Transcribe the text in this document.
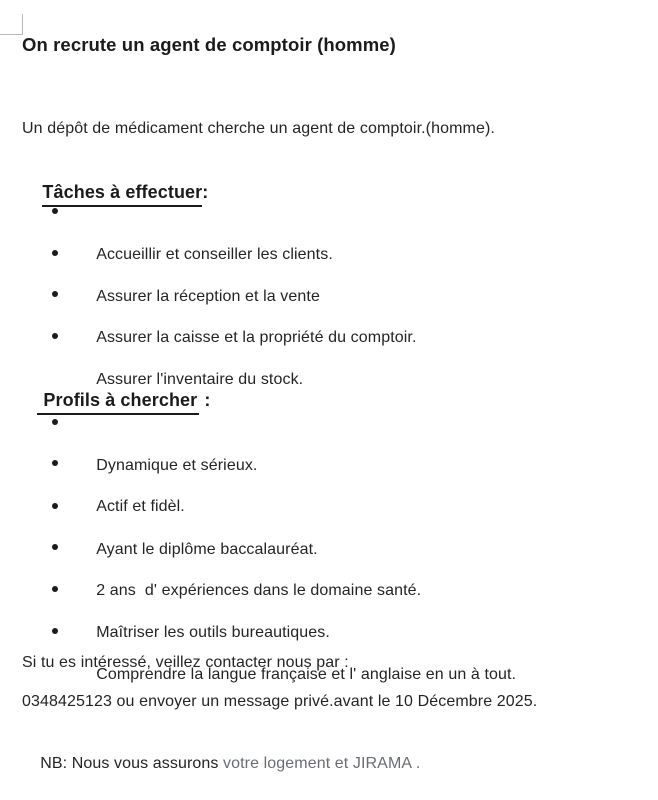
On recrute un agent de comptoir (homme)
Un dépôt de médicament cherche un agent de comptoir.(homme).

Tâches à effectuer:

Accueillir et conseiller les clients.

Assurer la réception et la vente

Assurer la caisse et la propriété du comptoir.

Assurer l'inventaire du stock.

Profils à chercher :

Dynamique et sérieux.

Actif et fidèl.

Ayant le diplôme baccalauréat.

2 ans  d' expériences dans le domaine santé.

Maîtriser les outils bureautiques.

Comprendre la langue française et l' anglaise en un à tout.

Si tu es intéressé, veillez contacter nous par :
0348425123 ou envoyer un message privé.avant le 10 Décembre 2025.

NB: Nous vous assurons votre logement et JIRAMA .
